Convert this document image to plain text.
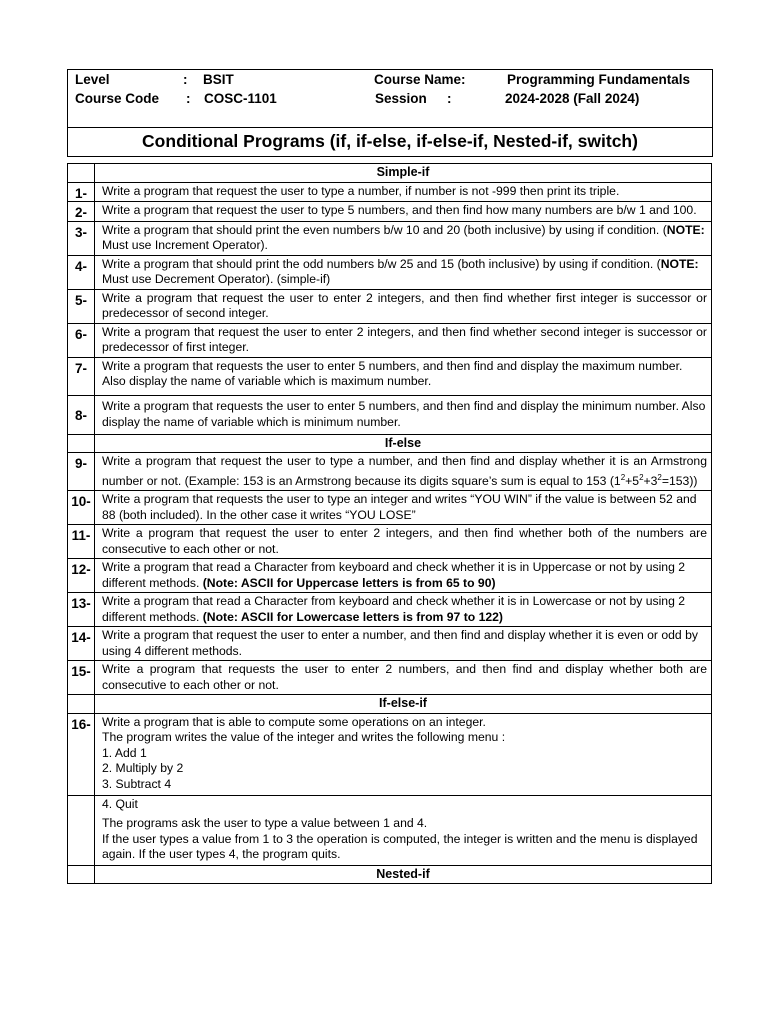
Level	: BSIT	Course Name:	Programming Fundamentals
Course Code : COSC-1101	Session :	2024-2028 (Fall 2024)
Conditional Programs (if, if-else, if-else-if, Nested-if, switch)
	Simple-if
1-	Write a program that request the user to type a number, if number is not -999 then print its triple.
2-	Write a program that request the user to type 5 numbers, and then find how many numbers are b/w 1 and 100.
3-	Write a program that should print the even numbers b/w 10 and 20 (both inclusive) by using if condition. (NOTE: Must use Increment Operator).
4-	Write a program that should print the odd numbers b/w 25 and 15 (both inclusive) by using if condition. (NOTE: Must use Decrement Operator). (simple-if)
5-	Write a program that request the user to enter 2 integers, and then find whether first integer is successor or predecessor of second integer.
6-	Write a program that request the user to enter 2 integers, and then find whether second integer is successor or predecessor of first integer.
7-	Write a program that requests the user to enter 5 numbers, and then find and display the maximum number. Also display the name of variable which is maximum number.
8-	Write a program that requests the user to enter 5 numbers, and then find and display the minimum number. Also display the name of variable which is minimum number.
	If-else
9-	Write a program that request the user to type a number, and then find and display whether it is an Armstrong number or not. (Example: 153 is an Armstrong because its digits square’s sum is equal to 153 $(1^2+5^2+3^2=153)$)
10-	Write a program that requests the user to type an integer and writes “YOU WIN” if the value is between 52 and 88 (both included). In the other case it writes “YOU LOSE”
11-	Write a program that request the user to enter 2 integers, and then find whether both of the numbers are consecutive to each other or not.
12-	Write a program that read a Character from keyboard and check whether it is in Uppercase or not by using 2 different methods. (Note: ASCII for Uppercase letters is from 65 to 90)
13-	Write a program that read a Character from keyboard and check whether it is in Lowercase or not by using 2 different methods. (Note: ASCII for Lowercase letters is from 97 to 122)
14-	Write a program that request the user to enter a number, and then find and display whether it is even or odd by using 4 different methods.
15-	Write a program that requests the user to enter 2 numbers, and then find and display whether both are consecutive to each other or not.
	If-else-if
16-	Write a program that is able to compute some operations on an integer.
The program writes the value of the integer and writes the following menu :
1. Add 1
2. Multiply by 2
3. Subtract 4

	4. Quit
The programs ask the user to type a value between 1 and 4.
If the user types a value from 1 to 3 the operation is computed, the integer is written and the menu is displayed again. If the user types 4, the program quits.

	Nested-if
